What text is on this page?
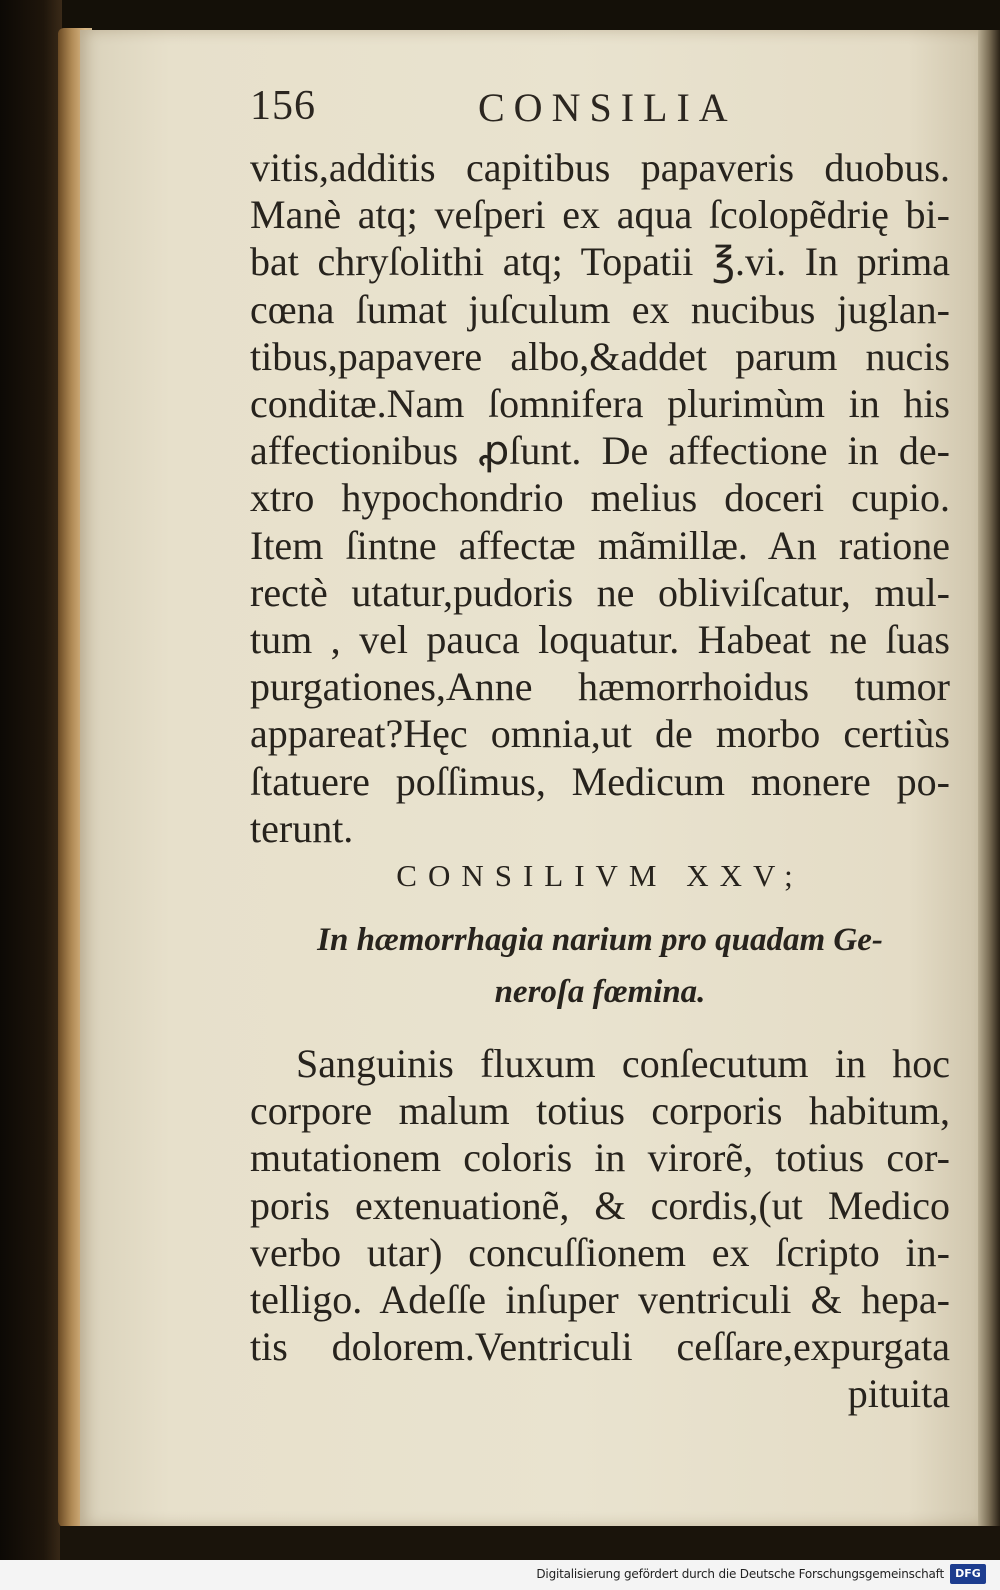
156	CONSILIA
vitis,additis capitibus papaveris duobus.
Manè atq; veſperi ex aqua ſcolopẽdrię bi-
bat chryſolithi atq; Topatii ℥.vi. In prima
cœna ſumat juſculum ex nucibus juglan-
tibus,papavere albo,&addet parum nucis
conditæ.Nam ſomnifera plurimùm in his
affectionibus ꝓſunt. De affectione in de-
xtro hypochondrio melius doceri cupio.
Item ſintne affectæ mãmillæ. An ratione
rectè utatur,pudoris ne obliviſcatur, mul-
tum , vel pauca loquatur. Habeat ne ſuas
purgationes,Anne hæmorrhoidus tumor
appareat?Hęc omnia,ut de morbo certiùs
ſtatuere poſſimus, Medicum monere po-
terunt.
CONSILIVM XXV;
In hæmorrhagia narium pro quadam Ge-
neroſa fœmina.
Sanguinis fluxum conſecutum in hoc
corpore malum totius corporis habitum,
mutationem coloris in virorẽ, totius cor-
poris extenuationẽ, & cordis,(ut Medico
verbo utar) concuſſionem ex ſcripto in-
telligo. Adeſſe inſuper ventriculi & hepa-
tis dolorem.Ventriculi ceſſare,expurgata
pituita
Digitalisierung gefördert durch die Deutsche Forschungsgemeinschaft	DFG
